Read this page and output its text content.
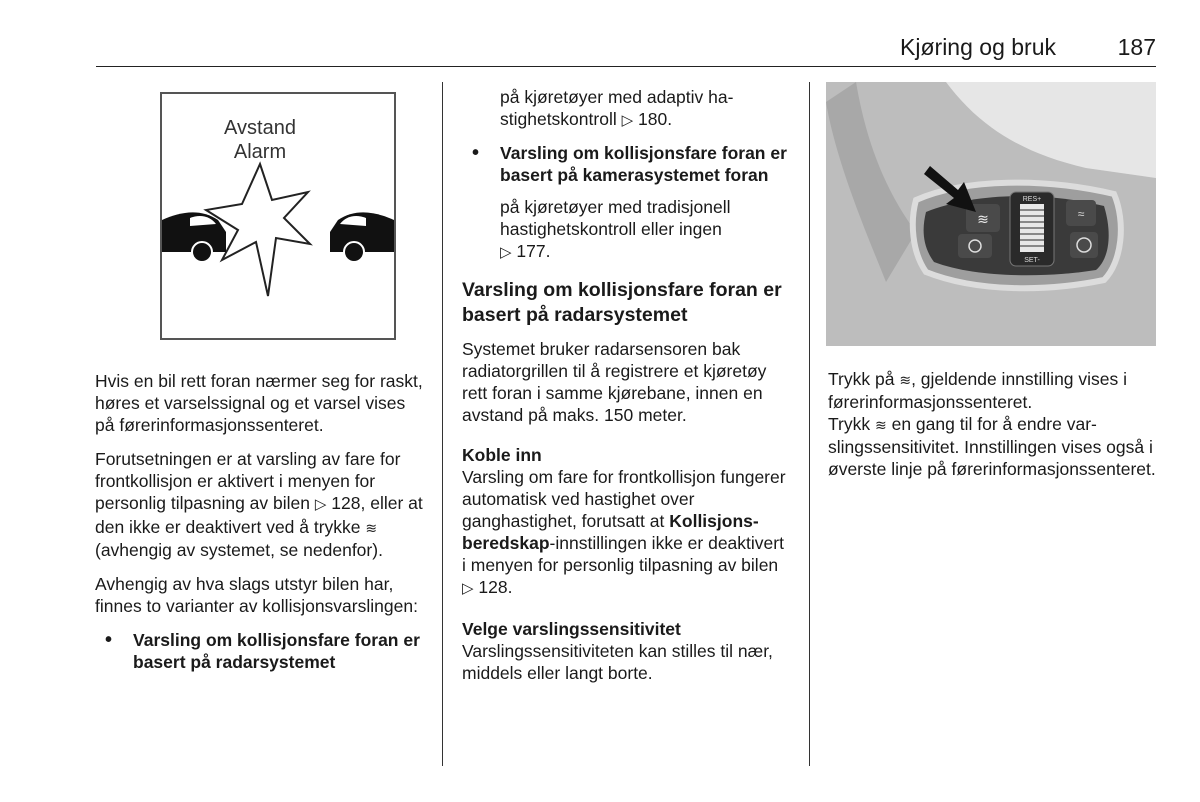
Kjøring og bruk	187
Avstand
Alarm

Hvis en bil rett foran nærmer seg for raskt, høres et varselssignal og et varsel vises på førerinformasjonssenteret.

Forutsetningen er at varsling av fare for frontkollisjon er aktivert i menyen for personlig tilpasning av bilen ▷ 128, eller at den ikke er deaktivert ved å trykke ≋ (avhengig av systemet, se nedenfor).

Avhengig av hva slags utstyr bilen har, finnes to varianter av kollisjonsvarslingen:

• Varsling om kollisjonsfare foran er basert på radarsystemet

på kjøretøyer med adaptiv hastighetskontroll ▷ 180.

• Varsling om kollisjonsfare foran er basert på kamerasystemet foran

på kjøretøyer med tradisjonell hastighetskontroll eller ingen
▷ 177.

Varsling om kollisjonsfare foran er basert på radarsystemet

Systemet bruker radarsensoren bak radiatorgrillen til å registrere et kjøretøy rett foran i samme kjørebane, innen en avstand på maks. 150 meter.

Koble inn

Varsling om fare for frontkollisjon fungerer automatisk ved hastighet over ganghastighet, forutsatt at Kollisjonsberedskap-innstillingen ikke er deaktivert i menyen for personlig tilpasning av bilen ▷ 128.

Velge varslingssensitivitet

Varslingssensitiviteten kan stilles til nær, middels eller langt borte.

RES+
SET-
≋	≈

Trykk på ≋, gjeldende innstilling vises i førerinformasjonssenteret.

Trykk ≋ en gang til for å endre varslingssensitivitet. Innstillingen vises også i øverste linje på førerinformasjonssenteret.
